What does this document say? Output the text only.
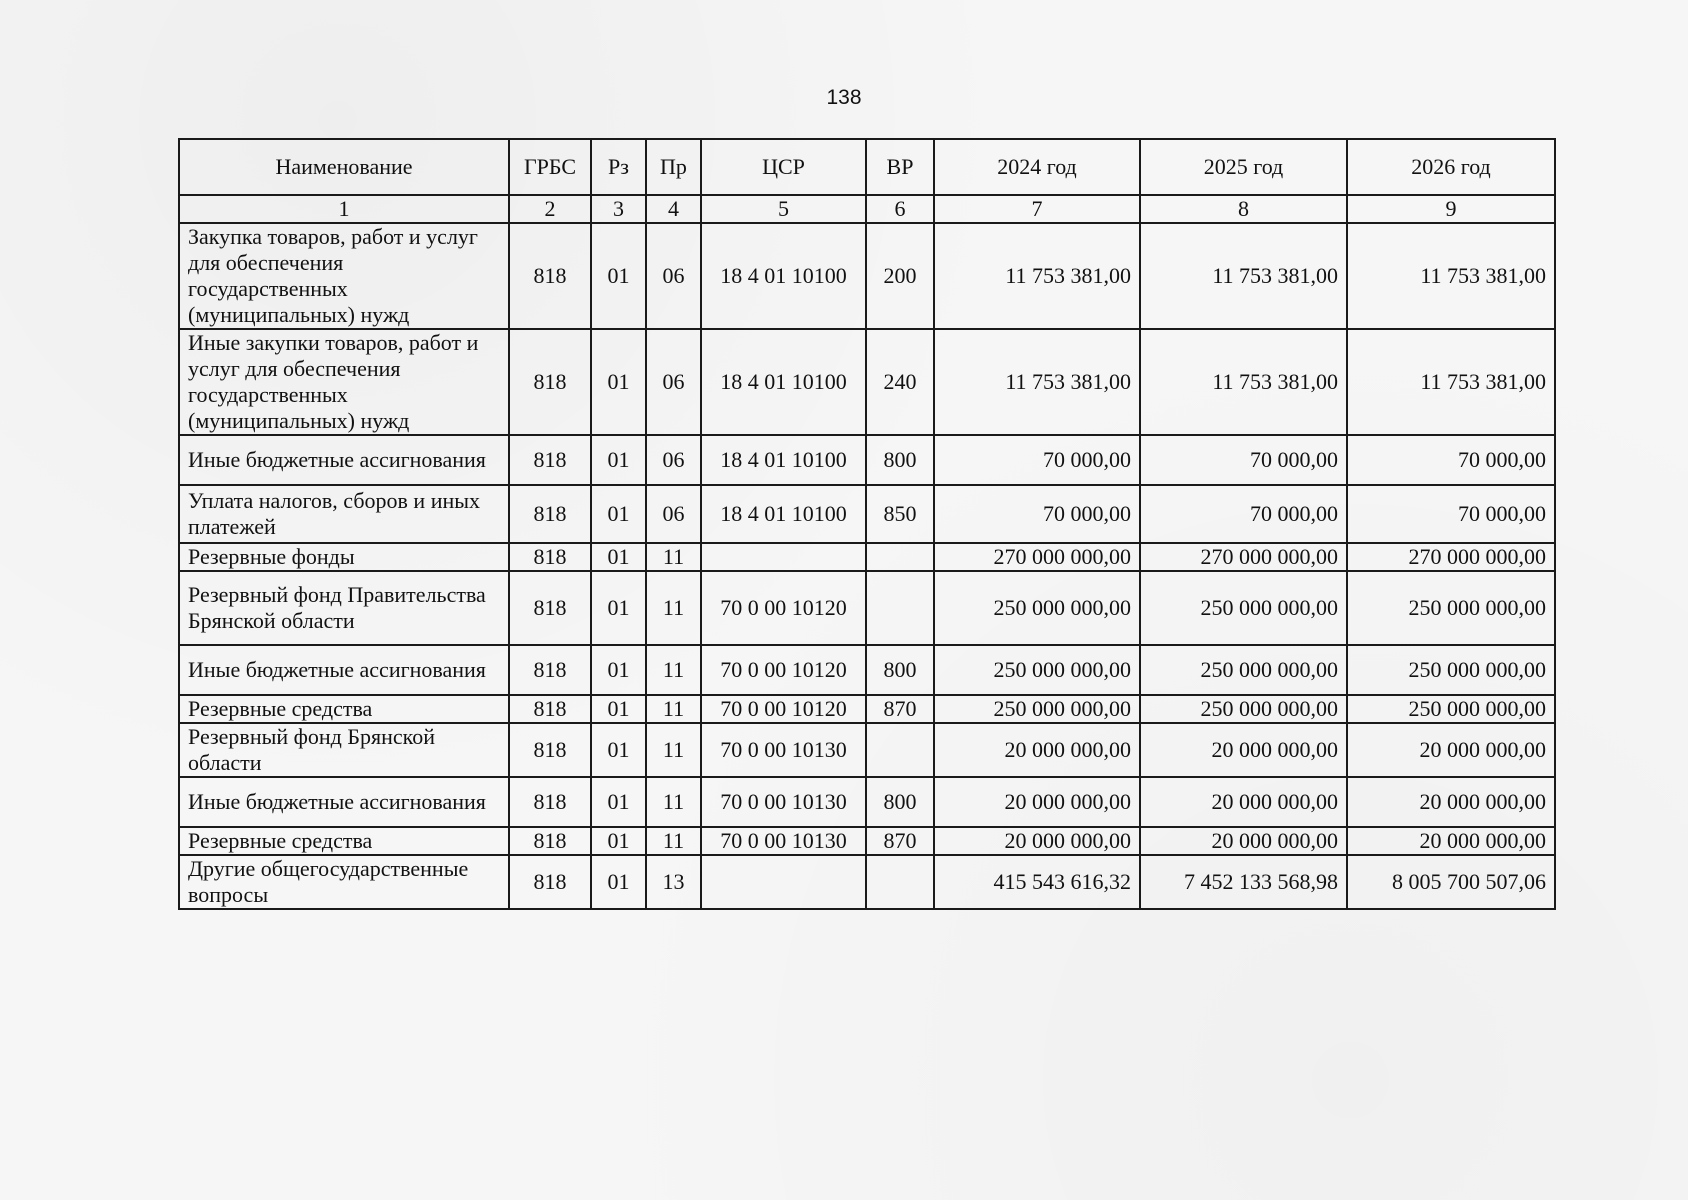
138
Наименование	ГРБС	Рз	Пр	ЦСР	ВР	2024 год	2025 год	2026 год
1	2	3	4	5	6	7	8	9
Закупка товаров, работ и услуг для обеспечения государственных (муниципальных) нужд	818	01	06	18 4 01 10100	200	11 753 381,00	11 753 381,00	11 753 381,00
Иные закупки товаров, работ и услуг для обеспечения государственных (муниципальных) нужд	818	01	06	18 4 01 10100	240	11 753 381,00	11 753 381,00	11 753 381,00
Иные бюджетные ассигнования	818	01	06	18 4 01 10100	800	70 000,00	70 000,00	70 000,00
Уплата налогов, сборов и иных платежей	818	01	06	18 4 01 10100	850	70 000,00	70 000,00	70 000,00
Резервные фонды	818	01	11			270 000 000,00	270 000 000,00	270 000 000,00
Резервный фонд Правительства Брянской области	818	01	11	70 0 00 10120		250 000 000,00	250 000 000,00	250 000 000,00
Иные бюджетные ассигнования	818	01	11	70 0 00 10120	800	250 000 000,00	250 000 000,00	250 000 000,00
Резервные средства	818	01	11	70 0 00 10120	870	250 000 000,00	250 000 000,00	250 000 000,00
Резервный фонд Брянской области	818	01	11	70 0 00 10130		20 000 000,00	20 000 000,00	20 000 000,00
Иные бюджетные ассигнования	818	01	11	70 0 00 10130	800	20 000 000,00	20 000 000,00	20 000 000,00
Резервные средства	818	01	11	70 0 00 10130	870	20 000 000,00	20 000 000,00	20 000 000,00
Другие общегосударственные вопросы	818	01	13			415 543 616,32	7 452 133 568,98	8 005 700 507,06
